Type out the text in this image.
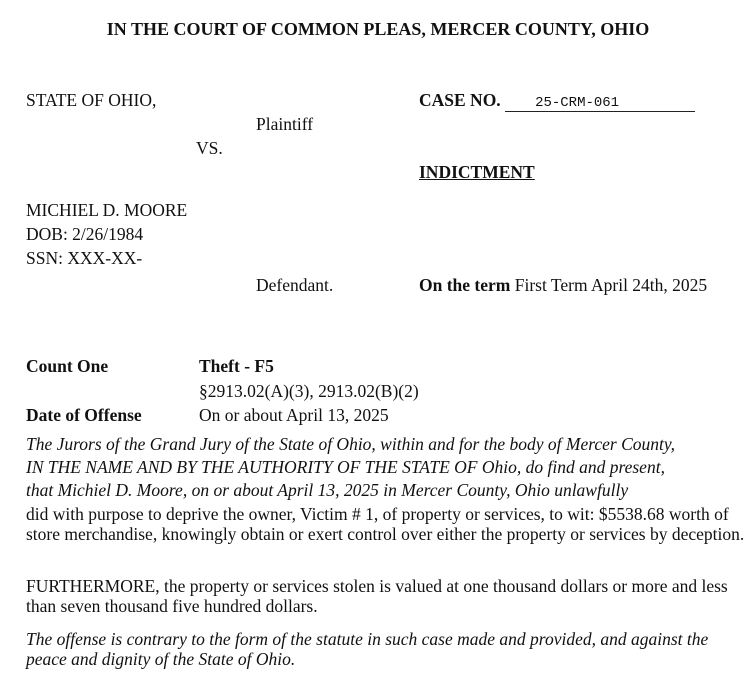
IN THE COURT OF COMMON PLEAS, MERCER COUNTY, OHIO
STATE OF OHIO,
Plaintiff
VS.
MICHIEL D. MOORE
DOB: 2/26/1984
SSN: XXX-XX-
Defendant.
CASE NO. 25-CRM-061
INDICTMENT
On the term First Term April 24th, 2025
Count One	Theft - F5
§2913.02(A)(3), 2913.02(B)(2)
Date of Offense	On or about April 13, 2025
The Jurors of the Grand Jury of the State of Ohio, within and for the body of Mercer County,
IN THE NAME AND BY THE AUTHORITY OF THE STATE OF Ohio, do find and present,
that Michiel D. Moore, on or about April 13, 2025 in Mercer County, Ohio unlawfully
did with purpose to deprive the owner, Victim # 1, of property or services, to wit: $5538.68 worth of store merchandise, knowingly obtain or exert control over either the property or services by deception.
FURTHERMORE, the property or services stolen is valued at one thousand dollars or more and less than seven thousand five hundred dollars.
The offense is contrary to the form of the statute in such case made and provided, and against the peace and dignity of the State of Ohio.
